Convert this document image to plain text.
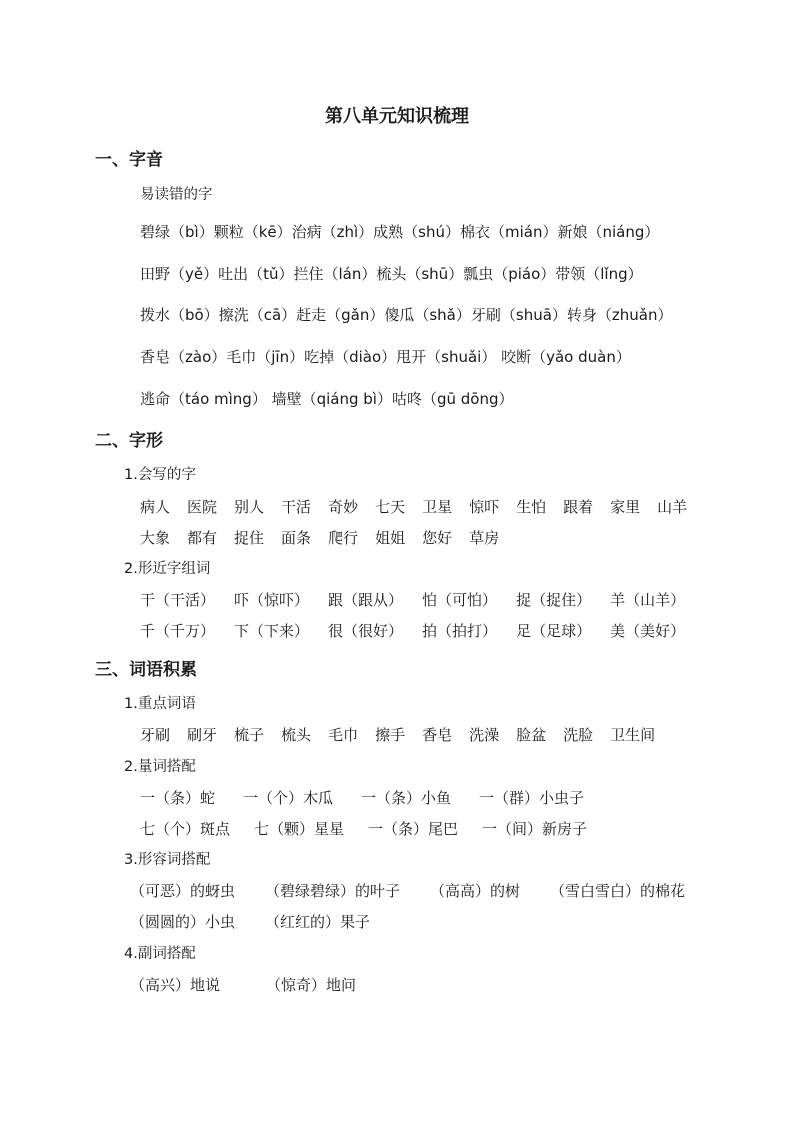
第八单元知识梳理
一、字音
易读错的字
碧绿（bì）颗粒（kē）治病（zhì）成熟（shú）棉衣（mián）新娘（niáng）
田野（yě）吐出（tǔ）拦住（lán）梳头（shū）瓢虫（piáo）带领（lǐng）
拨水（bō）擦洗（cā）赶走（gǎn）傻瓜（shǎ）牙刷（shuā）转身（zhuǎn）
香皂（zào）毛巾（jīn）吃掉（diào）甩开（shuǎi） 咬断（yǎo duàn）
逃命（táo mìng） 墙壁（qiáng bì）咕咚（gū dōng）
二、字形
1.会写的字
病人 医院 别人 干活 奇妙 七天 卫星 惊吓 生怕 跟着 家里 山羊
大象 都有 捉住 面条 爬行 姐姐 您好 草房
2.形近字组词
干（干活） 吓（惊吓） 跟（跟从） 怕（可怕） 捉（捉住） 羊（山羊）
千（千万） 下（下来） 很（很好） 拍（拍打） 足（足球） 美（美好）
三、词语积累
1.重点词语
牙刷 刷牙 梳子 梳头 毛巾 擦手 香皂 洗澡 脸盆 洗脸 卫生间
2.量词搭配
一（条）蛇 一（个）木瓜 一（条）小鱼 一（群）小虫子
七（个）斑点 七（颗）星星 一（条）尾巴 一（间）新房子
3.形容词搭配
（可恶）的蚜虫 （碧绿碧绿）的叶子 （高高）的树 （雪白雪白）的棉花
（圆圆的）小虫 （红红的）果子
4.副词搭配
（高兴）地说	（惊奇）地问
